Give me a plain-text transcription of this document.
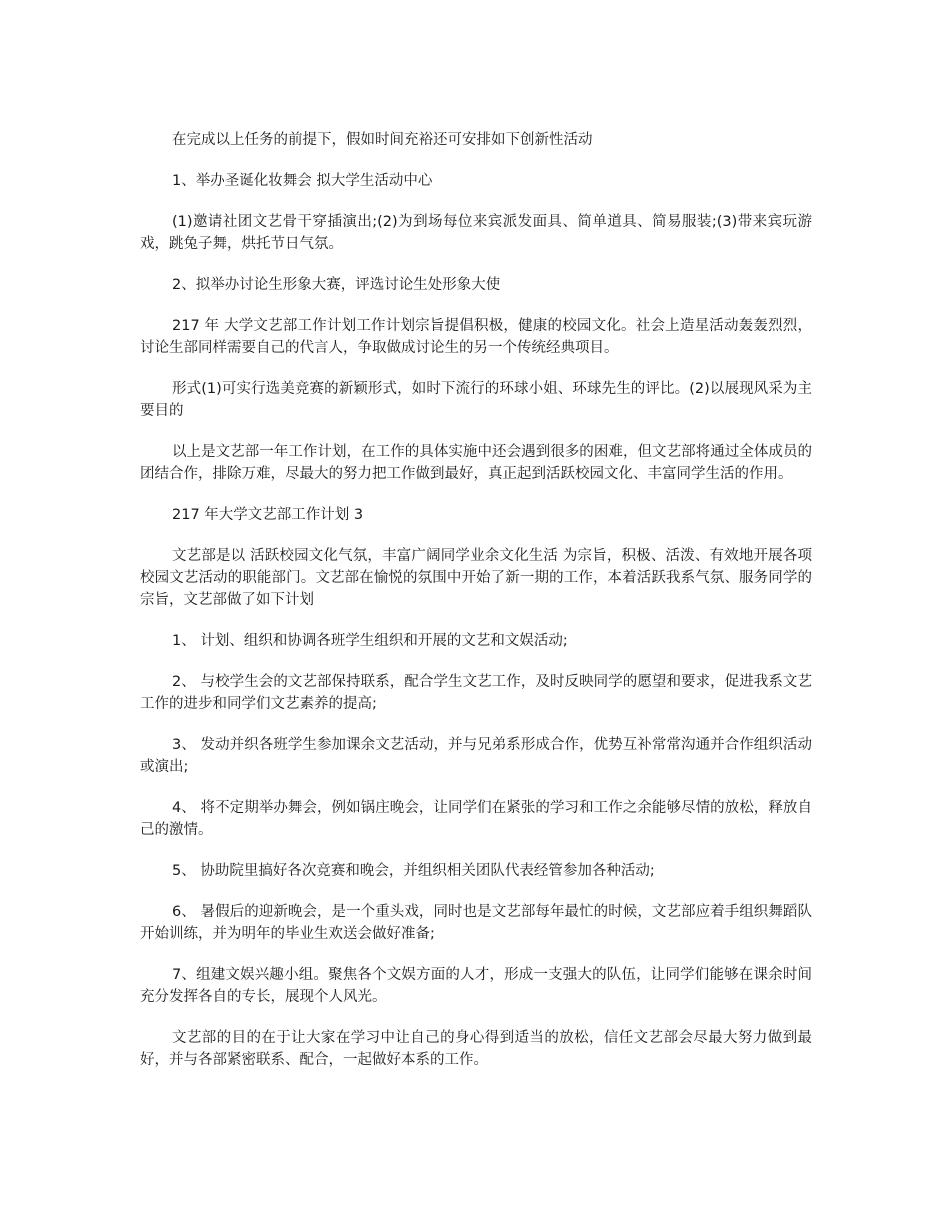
在完成以上任务的前提下，假如时间充裕还可安排如下创新性活动

1、举办圣诞化妆舞会 拟大学生活动中心

(1)邀请社团文艺骨干穿插演出;(2)为到场每位来宾派发面具、简单道具、简易服装;(3)带来宾玩游戏，跳兔子舞，烘托节日气氛。

2、拟举办讨论生形象大赛，评选讨论生处形象大使

217 年 大学文艺部工作计划工作计划宗旨提倡积极，健康的校园文化。社会上造星活动轰轰烈烈，讨论生部同样需要自己的代言人，争取做成讨论生的另一个传统经典项目。

形式(1)可实行选美竞赛的新颖形式，如时下流行的环球小姐、环球先生的评比。(2)以展现风采为主要目的

以上是文艺部一年工作计划，在工作的具体实施中还会遇到很多的困难，但文艺部将通过全体成员的团结合作，排除万难，尽最大的努力把工作做到最好，真正起到活跃校园文化、丰富同学生活的作用。

217 年大学文艺部工作计划 3

文艺部是以 活跃校园文化气氛，丰富广阔同学业余文化生活 为宗旨，积极、活泼、有效地开展各项校园文艺活动的职能部门。文艺部在愉悦的氛围中开始了新一期的工作，本着活跃我系气氛、服务同学的宗旨，文艺部做了如下计划

1、 计划、组织和协调各班学生组织和开展的文艺和文娱活动;

2、 与校学生会的文艺部保持联系，配合学生文艺工作，及时反映同学的愿望和要求，促进我系文艺工作的进步和同学们文艺素养的提高;

3、 发动并织各班学生参加课余文艺活动，并与兄弟系形成合作，优势互补常常沟通并合作组织活动或演出;

4、 将不定期举办舞会，例如锅庄晚会，让同学们在紧张的学习和工作之余能够尽情的放松，释放自己的激情。

5、 协助院里搞好各次竞赛和晚会，并组织相关团队代表经管参加各种活动;

6、 暑假后的迎新晚会，是一个重头戏，同时也是文艺部每年最忙的时候，文艺部应着手组织舞蹈队开始训练，并为明年的毕业生欢送会做好准备;

7、组建文娱兴趣小组。聚焦各个文娱方面的人才，形成一支强大的队伍，让同学们能够在课余时间充分发挥各自的专长，展现个人风光。

文艺部的目的在于让大家在学习中让自己的身心得到适当的放松，信任文艺部会尽最大努力做到最好，并与各部紧密联系、配合，一起做好本系的工作。
